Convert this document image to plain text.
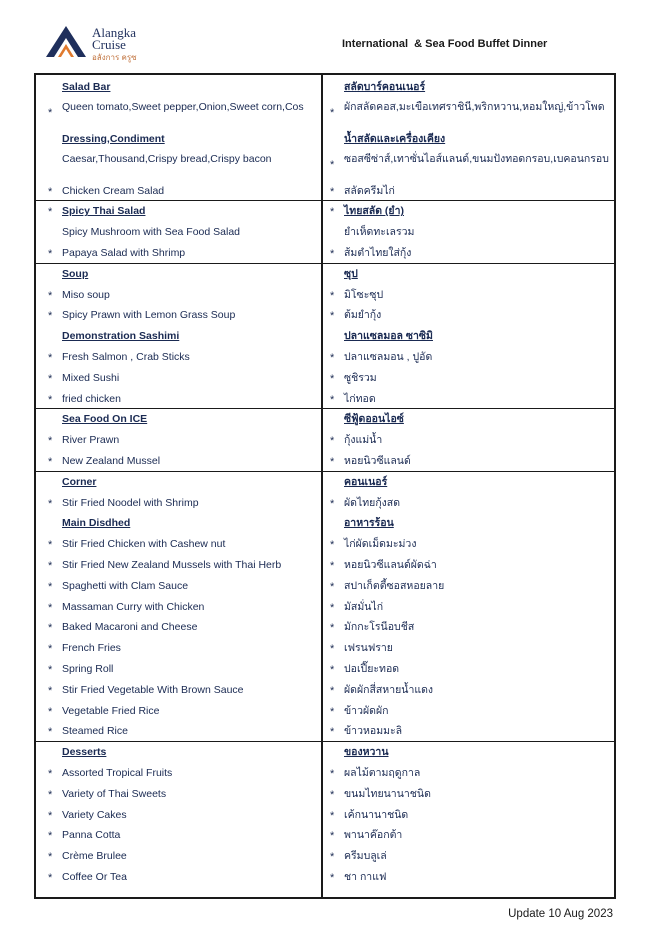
Alangka
Cruise
อลังการ ครูซ
International  & Sea Food Buffet Dinner
Salad Bar	สลัดบาร์คอนเนอร์
Queen tomato,Sweet pepper,Onion,Sweet corn,Cos	ผักสลัดคอส,มะเขือเทศราชินี,พริกหวาน,หอมใหญ่,ข้าวโพด
*	*
Dressing,Condiment	น้ำสลัดและเครื่องเคียง
Caesar,Thousand,Crispy bread,Crispy bacon	ซอสซีซ่าส์,เทาซั่นไอส์แลนด์,ขนมปังทอดกรอบ,เบคอนกรอบ
*
Chicken Cream Salad	สลัดครีมไก่
*	*
Spicy Thai Salad	ไทยสลัด (ยำ)
*	*
Spicy Mushroom with Sea Food Salad	ยำเห็ดทะเลรวม
Papaya Salad with Shrimp	ส้มตำไทยใส่กุ้ง
*	*
Soup	ซุป
Miso soup	มิโซะซุป
*	*
Spicy Prawn with Lemon Grass Soup	ต้มยำกุ้ง
*	*
Demonstration Sashimi	ปลาแซลมอล ซาซิมิ
Fresh Salmon , Crab Sticks	ปลาแซลมอน , ปูอัด
*	*
Mixed Sushi	ซูชิรวม
*	*
fried chicken	ไก่ทอด
*	*
Sea Food On ICE	ซีฟู้ดออนไอซ์
River Prawn	กุ้งแม่น้ำ
*	*
New Zealand Mussel	หอยนิวซีแลนด์
*	*
Corner	คอนเนอร์
Stir Fried Noodel with Shrimp	ผัดไทยกุ้งสด
*	*
Main Disdhed	อาหารร้อน
Stir Fried Chicken with Cashew nut	ไก่ผัดเม็ดมะม่วง
*	*
Stir Fried New Zealand Mussels with Thai Herb	หอยนิวซีแลนด์ผัดฉ่า
*	*
Spaghetti with Clam Sauce	สปาเก็ตตี้ซอสหอยลาย
*	*
Massaman Curry with Chicken	มัสมั่นไก่
*	*
Baked Macaroni and Cheese	มักกะโรนีอบชีส
*	*
French Fries	เฟรนฟราย
*	*
Spring Roll	ปอเปี๊ยะทอด
*	*
Stir Fried Vegetable With Brown Sauce	ผัดผักสี่สหายน้ำแดง
*	*
Vegetable Fried Rice	ข้าวผัดผัก
*	*
Steamed Rice	ข้าวหอมมะลิ
*	*
Desserts	ของหวาน
Assorted Tropical Fruits	ผลไม้ตามฤดูกาล
*	*
Variety of Thai Sweets	ขนมไทยนานาชนิด
*	*
Variety Cakes	เค้กนานาชนิด
*	*
Panna Cotta	พานาค๊อกต้า
*	*
Crème Brulee	ครีมบลูเล่
*	*
Coffee Or Tea	ชา กาแฟ
*	*
Update 10 Aug 2023
